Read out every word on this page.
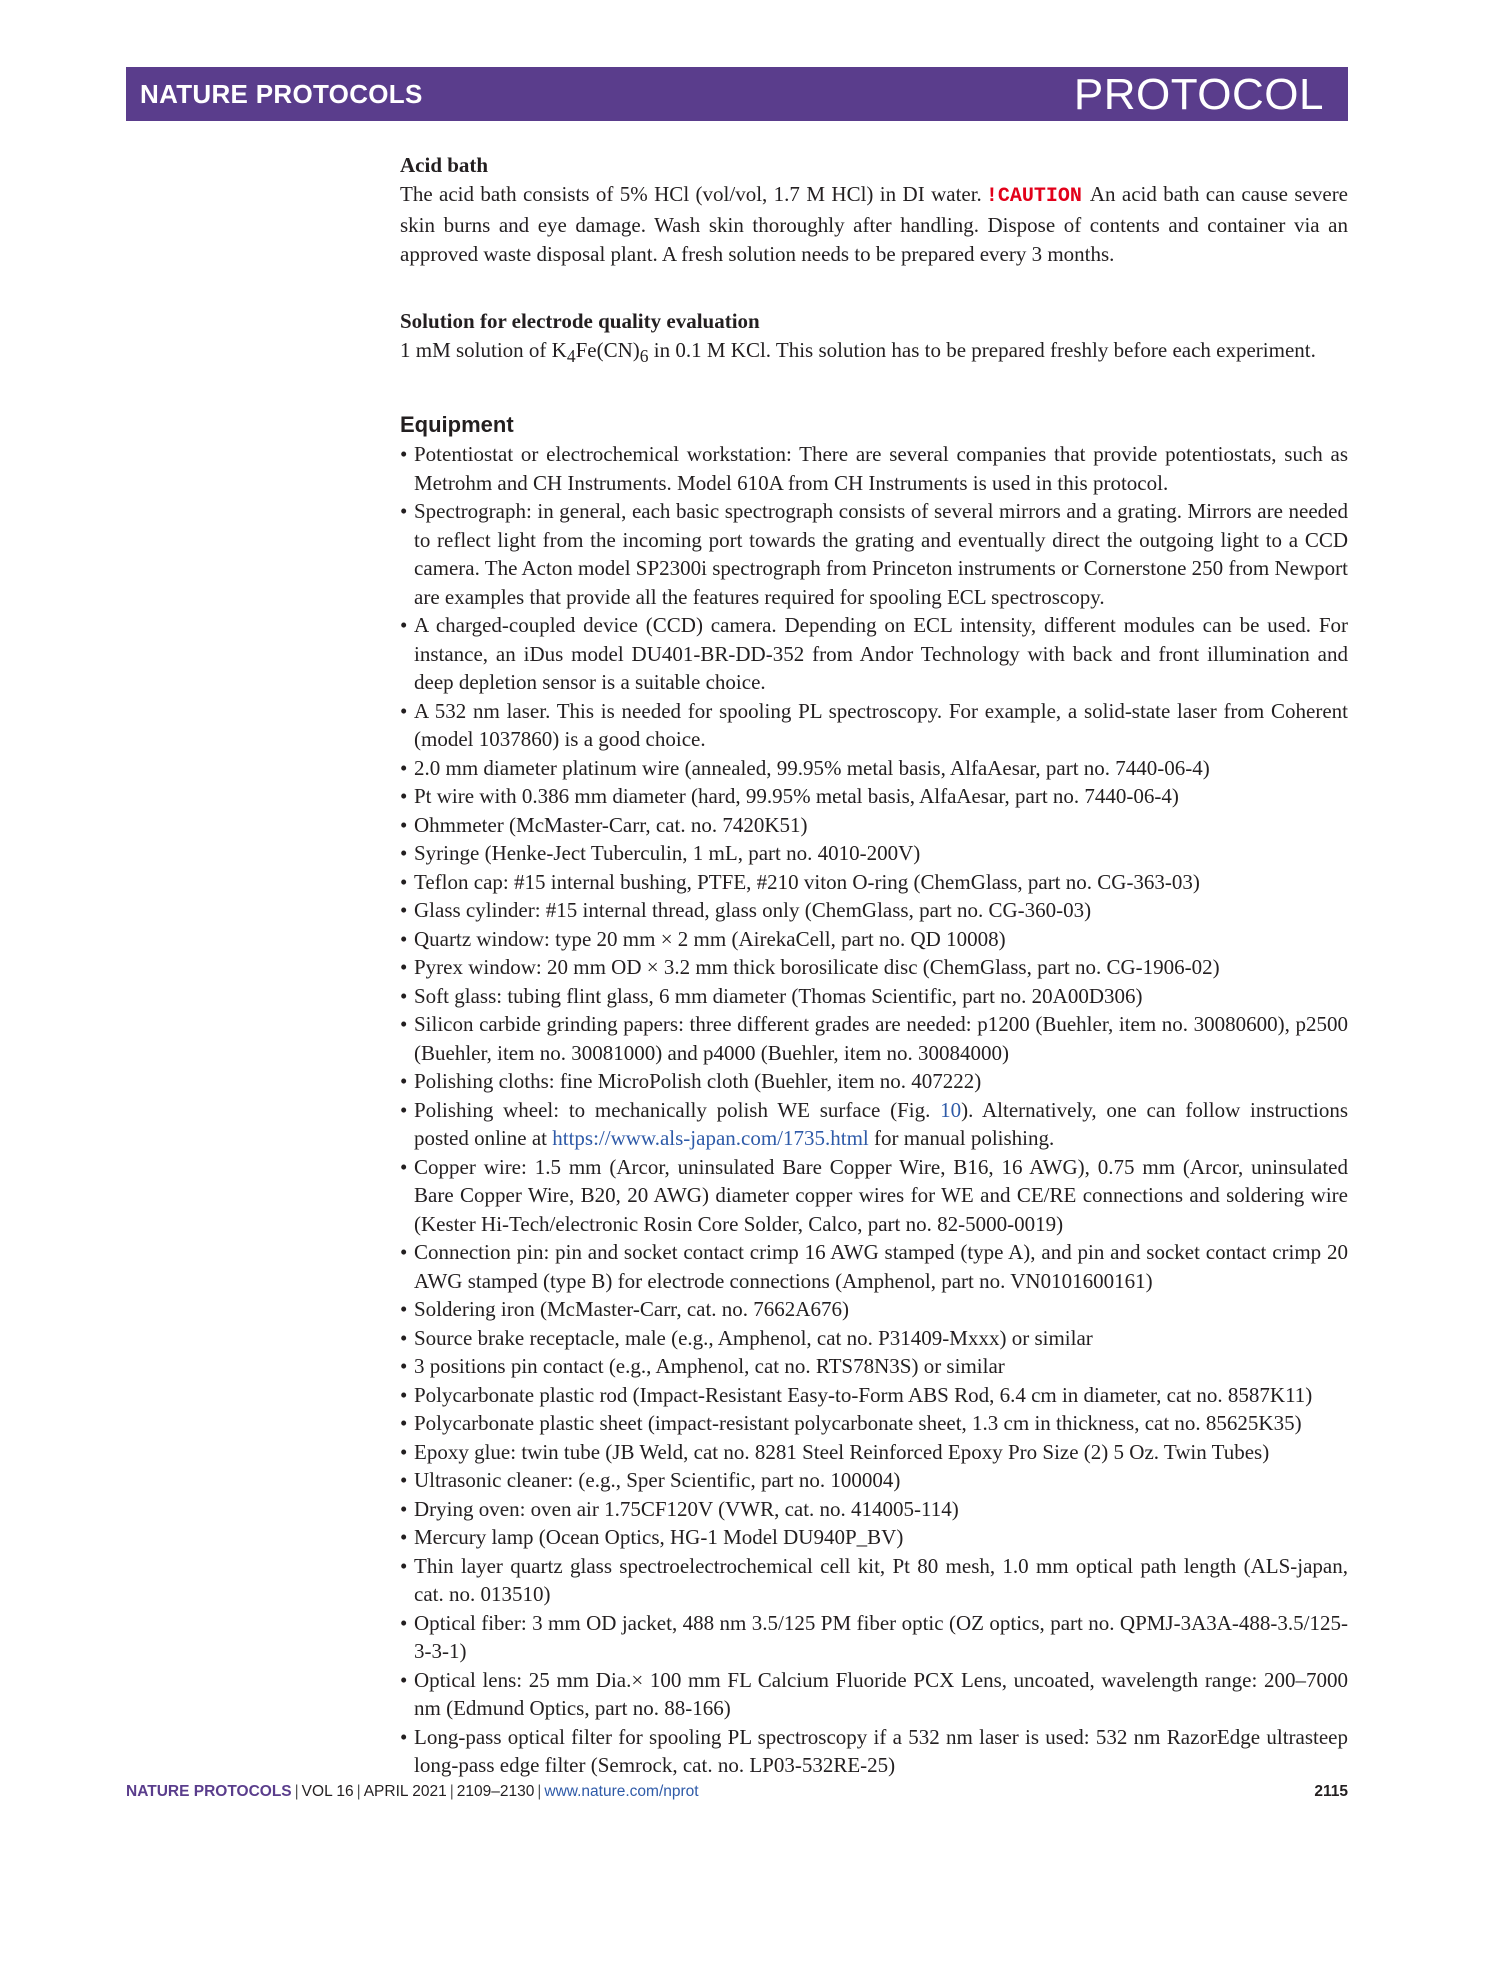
NATURE PROTOCOLS	PROTOCOL
Acid bath
The acid bath consists of 5% HCl (vol/vol, 1.7 M HCl) in DI water. !CAUTION An acid bath can cause severe skin burns and eye damage. Wash skin thoroughly after handling. Dispose of contents and container via an approved waste disposal plant. A fresh solution needs to be prepared every 3 months.
Solution for electrode quality evaluation
1 mM solution of $K_4Fe(CN)_6$ in 0.1 M KCl. This solution has to be prepared freshly before each experiment.
Equipment
• Potentiostat or electrochemical workstation: There are several companies that provide potentiostats, such as Metrohm and CH Instruments. Model 610A from CH Instruments is used in this protocol.
• Spectrograph: in general, each basic spectrograph consists of several mirrors and a grating. Mirrors are needed to reflect light from the incoming port towards the grating and eventually direct the outgoing light to a CCD camera. The Acton model SP2300i spectrograph from Princeton instruments or Cornerstone 250 from Newport are examples that provide all the features required for spooling ECL spectroscopy.
• A charged-coupled device (CCD) camera. Depending on ECL intensity, different modules can be used. For instance, an iDus model DU401-BR-DD-352 from Andor Technology with back and front illumination and deep depletion sensor is a suitable choice.
• A 532 nm laser. This is needed for spooling PL spectroscopy. For example, a solid-state laser from Coherent (model 1037860) is a good choice.
• 2.0 mm diameter platinum wire (annealed, 99.95% metal basis, AlfaAesar, part no. 7440-06-4)
• Pt wire with 0.386 mm diameter (hard, 99.95% metal basis, AlfaAesar, part no. 7440-06-4)
• Ohmmeter (McMaster-Carr, cat. no. 7420K51)
• Syringe (Henke-Ject Tuberculin, 1 mL, part no. 4010-200V)
• Teflon cap: #15 internal bushing, PTFE, #210 viton O-ring (ChemGlass, part no. CG-363-03)
• Glass cylinder: #15 internal thread, glass only (ChemGlass, part no. CG-360-03)
• Quartz window: type 20 mm × 2 mm (AirekaCell, part no. QD 10008)
• Pyrex window: 20 mm OD × 3.2 mm thick borosilicate disc (ChemGlass, part no. CG-1906-02)
• Soft glass: tubing flint glass, 6 mm diameter (Thomas Scientific, part no. 20A00D306)
• Silicon carbide grinding papers: three different grades are needed: p1200 (Buehler, item no. 30080600), p2500 (Buehler, item no. 30081000) and p4000 (Buehler, item no. 30084000)
• Polishing cloths: fine MicroPolish cloth (Buehler, item no. 407222)
• Polishing wheel: to mechanically polish WE surface (Fig. 10). Alternatively, one can follow instructions posted online at https://www.als-japan.com/1735.html for manual polishing.
• Copper wire: 1.5 mm (Arcor, uninsulated Bare Copper Wire, B16, 16 AWG), 0.75 mm (Arcor, uninsulated Bare Copper Wire, B20, 20 AWG) diameter copper wires for WE and CE/RE connections and soldering wire (Kester Hi-Tech/electronic Rosin Core Solder, Calco, part no. 82-5000-0019)
• Connection pin: pin and socket contact crimp 16 AWG stamped (type A), and pin and socket contact crimp 20 AWG stamped (type B) for electrode connections (Amphenol, part no. VN0101600161)
• Soldering iron (McMaster-Carr, cat. no. 7662A676)
• Source brake receptacle, male (e.g., Amphenol, cat no. P31409-Mxxx) or similar
• 3 positions pin contact (e.g., Amphenol, cat no. RTS78N3S) or similar
• Polycarbonate plastic rod (Impact-Resistant Easy-to-Form ABS Rod, 6.4 cm in diameter, cat no. 8587K11)
• Polycarbonate plastic sheet (impact-resistant polycarbonate sheet, 1.3 cm in thickness, cat no. 85625K35)
• Epoxy glue: twin tube (JB Weld, cat no. 8281 Steel Reinforced Epoxy Pro Size (2) 5 Oz. Twin Tubes)
• Ultrasonic cleaner: (e.g., Sper Scientific, part no. 100004)
• Drying oven: oven air 1.75CF120V (VWR, cat. no. 414005-114)
• Mercury lamp (Ocean Optics, HG-1 Model DU940P_BV)
• Thin layer quartz glass spectroelectrochemical cell kit, Pt 80 mesh, 1.0 mm optical path length (ALS-japan, cat. no. 013510)
• Optical fiber: 3 mm OD jacket, 488 nm 3.5/125 PM fiber optic (OZ optics, part no. QPMJ-3A3A-488-3.5/125-3-3-1)
• Optical lens: 25 mm Dia.× 100 mm FL Calcium Fluoride PCX Lens, uncoated, wavelength range: 200–7000 nm (Edmund Optics, part no. 88-166)
• Long-pass optical filter for spooling PL spectroscopy if a 532 nm laser is used: 532 nm RazorEdge ultrasteep long-pass edge filter (Semrock, cat. no. LP03-532RE-25)
NATURE PROTOCOLS | VOL 16 | APRIL 2021 | 2109–2130 | www.nature.com/nprot	2115
